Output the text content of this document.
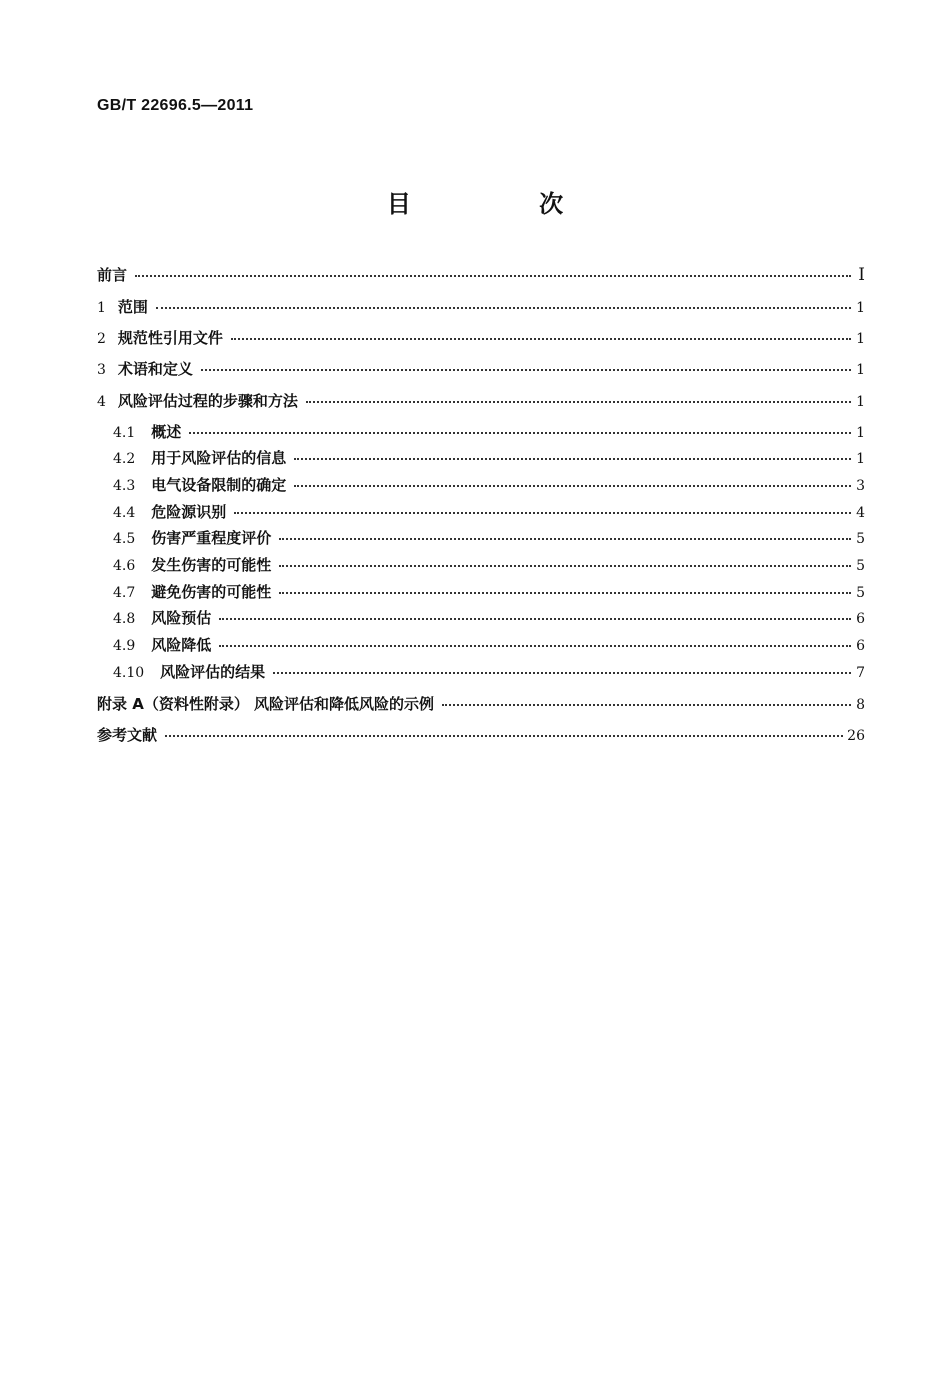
GB/T 22696.5—2011
目 次
前言	Ⅰ
1 范围	1
2 规范性引用文件	1
3 术语和定义	1
4 风险评估过程的步骤和方法	1
4.1 概述	1
4.2 用于风险评估的信息	1
4.3 电气设备限制的确定	3
4.4 危险源识别	4
4.5 伤害严重程度评价	5
4.6 发生伤害的可能性	5
4.7 避免伤害的可能性	5
4.8 风险预估	6
4.9 风险降低	6
4.10 风险评估的结果	7
附录 A（资料性附录） 风险评估和降低风险的示例	8
参考文献	26
